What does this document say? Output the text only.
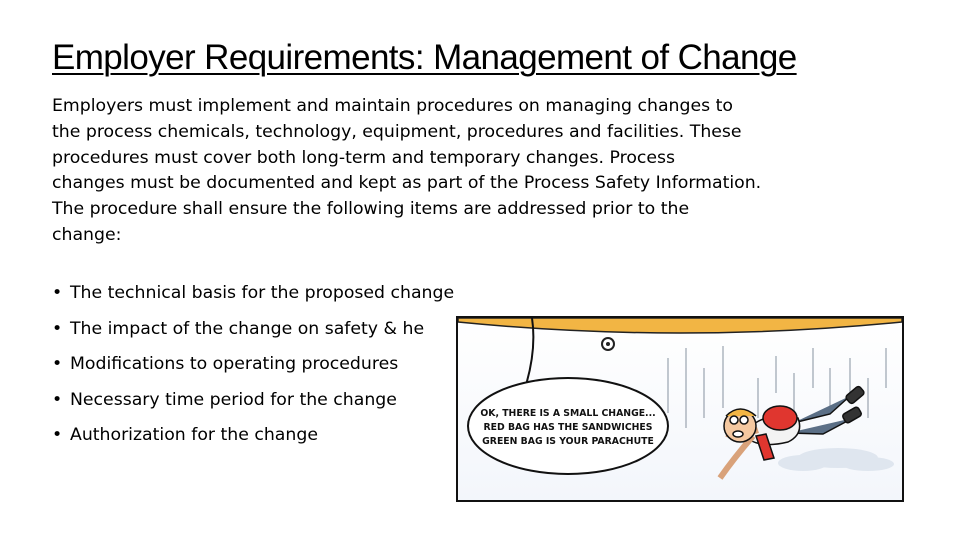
Employer Requirements: Management of Change
Employers must implement and maintain procedures on managing changes to
the process chemicals, technology, equipment, procedures and facilities. These
procedures must cover both long-term and temporary changes. Process
changes must be documented and kept as part of the Process Safety Information.
The procedure shall ensure the following items are addressed prior to the
change:
• The technical basis for the proposed change
• The impact of the change on safety & he
• Modifications to operating procedures
• Necessary time period for the change
• Authorization for the change
OK, THERE IS A SMALL CHANGE...
RED BAG HAS THE SANDWICHES
GREEN BAG IS YOUR PARACHUTE
